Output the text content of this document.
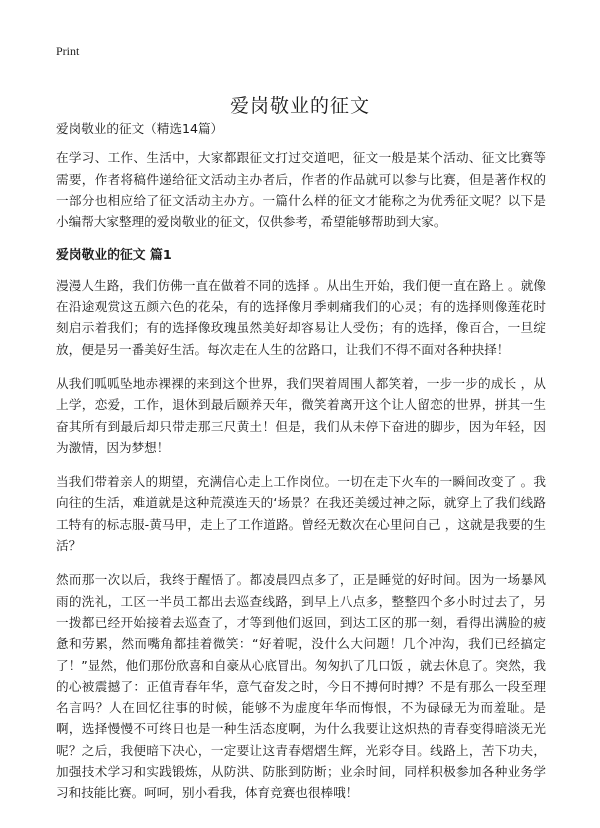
Print
爱岗敬业的征文

爱岗敬业的征文（精选14篇）

在学习、工作、生活中，大家都跟征文打过交道吧，征文一般是某个活动、征文比赛等需要，作者将稿件递给征文活动主办者后，作者的作品就可以参与比赛，但是著作权的一部分也相应给了征文活动主办方。一篇什么样的征文才能称之为优秀征文呢？以下是小编帮大家整理的爱岗敬业的征文，仅供参考，希望能够帮助到大家。

爱岗敬业的征文 篇1

漫漫人生路，我们仿佛一直在做着不同的选择 。从出生开始，我们便一直在路上 。就像在沿途观赏这五颜六色的花朵，有的选择像月季刺痛我们的心灵；有的选择则像莲花时刻启示着我们；有的选择像玫瑰虽然美好却容易让人受伤；有的选择，像百合，一旦绽放，便是另一番美好生活。每次走在人生的岔路口，让我们不得不面对各种抉择！

从我们呱呱坠地赤裸裸的来到这个世界，我们哭着周围人都笑着，一步一步的成长 ，从上学，恋爱，工作，退休到最后颐养天年，微笑着离开这个让人留恋的世界，拼其一生奋其所有到最后却只带走那三尺黄土！但是，我们从未停下奋进的脚步，因为年轻，因为激情，因为梦想！

当我们带着亲人的期望，充满信心走上工作岗位。一切在走下火车的一瞬间改变了 。我向往的生活，难道就是这种荒漠连天的‘场景？在我还美缓过神之际，就穿上了我们线路工特有的标志服-黄马甲，走上了工作道路。曾经无数次在心里问自己 ，这就是我要的生活？

然而那一次以后，我终于醒悟了。都凌晨四点多了，正是睡觉的好时间。因为一场暴风雨的洗礼，工区一半员工都出去巡查线路，到早上八点多，整整四个多小时过去了，另一拨都已经开始接着去巡查了，才等到他们返回，到达工区的那一刻，看得出满脸的疲惫和劳累，然而嘴角都挂着微笑：“好着呢，没什么大问题！几个冲沟，我们已经搞定了！”显然，他们那份欣喜和自豪从心底冒出。匆匆扒了几口饭 ，就去休息了。突然，我的心被震撼了：正值青春年华，意气奋发之时，今日不搏何时搏？不是有那么一段至理名言吗？人在回忆往事的时候，能够不为虚度年华而悔恨，不为碌碌无为而羞耻。是啊，选择慢慢不可终日也是一种生活态度啊，为什么我要让这炽热的青春变得暗淡无光呢？之后，我便暗下决心，一定要让这青春熠熠生辉，光彩夺目。线路上，苦下功夫，加强技术学习和实践锻炼，从防洪、防胀到防断；业余时间，同样积极参加各种业务学习和技能比赛。呵呵，别小看我，体育竞赛也很棒哦！
